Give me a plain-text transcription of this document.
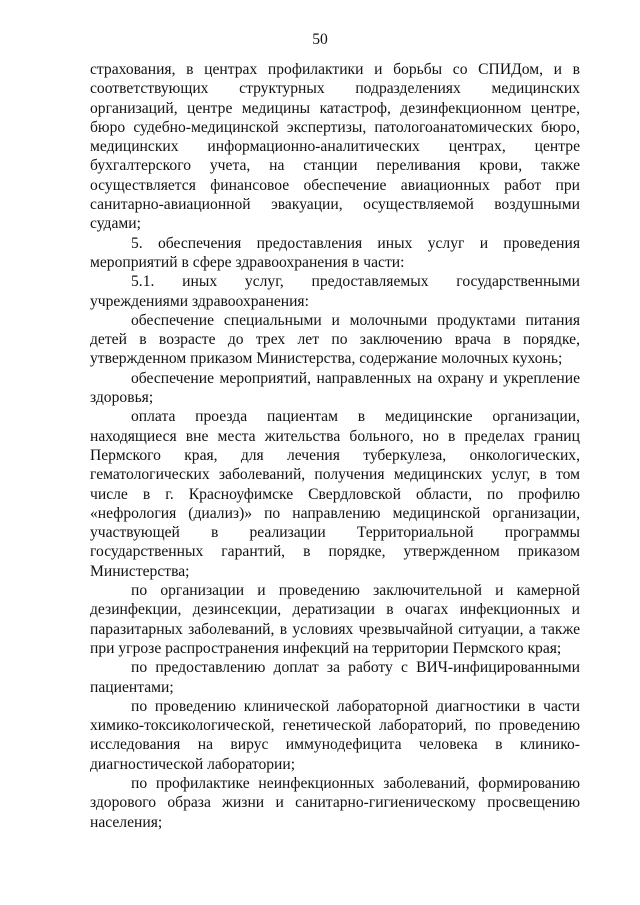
50

страхования, в центрах профилактики и борьбы со СПИДом, и в соответствующих структурных подразделениях медицинских организаций, центре медицины катастроф, дезинфекционном центре, бюро судебно-медицинской экспертизы, патологоанатомических бюро, медицинских информационно-аналитических центрах, центре бухгалтерского учета, на станции переливания крови, также осуществляется финансовое обеспечение авиационных работ при санитарно-авиационной эвакуации, осуществляемой воздушными судами;

5. обеспечения предоставления иных услуг и проведения мероприятий в сфере здравоохранения в части:

5.1. иных услуг, предоставляемых государственными учреждениями здравоохранения:

обеспечение специальными и молочными продуктами питания детей в возрасте до трех лет по заключению врача в порядке, утвержденном приказом Министерства, содержание молочных кухонь;

обеспечение мероприятий, направленных на охрану и укрепление здоровья;

оплата проезда пациентам в медицинские организации, находящиеся вне места жительства больного, но в пределах границ Пермского края, для лечения туберкулеза, онкологических, гематологических заболеваний, получения медицинских услуг, в том числе в г. Красноуфимске Свердловской области, по профилю «нефрология (диализ)» по направлению медицинской организации, участвующей в реализации Территориальной программы государственных гарантий, в порядке, утвержденном приказом Министерства;

по организации и проведению заключительной и камерной дезинфекции, дезинсекции, дератизации в очагах инфекционных и паразитарных заболеваний, в условиях чрезвычайной ситуации, а также при угрозе распространения инфекций на территории Пермского края;

по предоставлению доплат за работу с ВИЧ-инфицированными пациентами;

по проведению клинической лабораторной диагностики в части химико-токсикологической, генетической лабораторий, по проведению исследования на вирус иммунодефицита человека в клинико-диагностической лаборатории;

по профилактике неинфекционных заболеваний, формированию здорового образа жизни и санитарно-гигиеническому просвещению населения;
